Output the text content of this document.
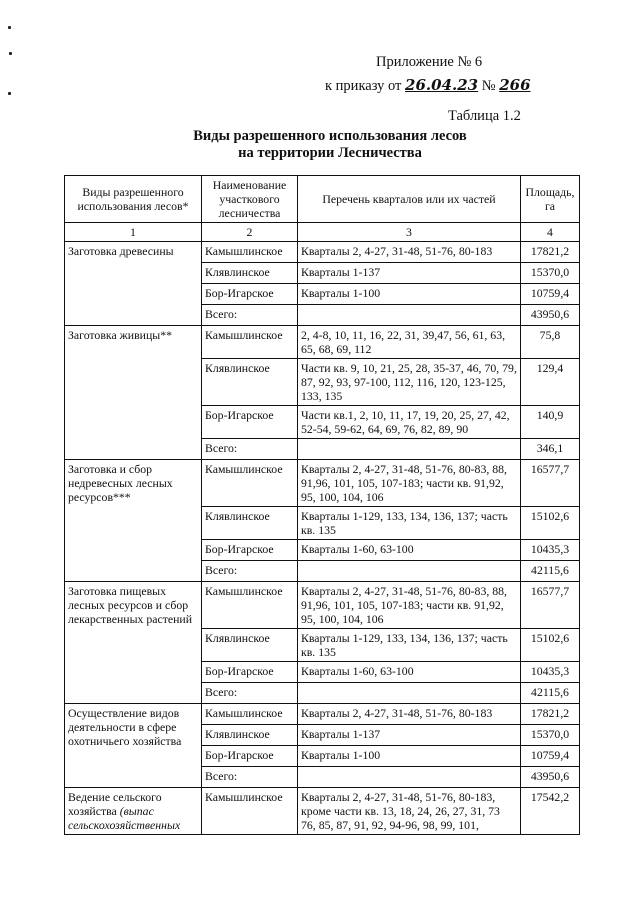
Приложение № 6
к приказу от 26.04.23 № 266
Таблица 1.2
Виды разрешенного использования лесов
на территории Лесничества
Виды разрешенного использования лесов*	Наименование участкового лесничества	Перечень кварталов или их частей	Площадь, га
1	2	3	4
Заготовка древесины	Камышлинское	Кварталы 2, 4-27, 31-48, 51-76, 80-183	17821,2
	Клявлинское	Кварталы 1-137	15370,0
	Бор-Игарское	Кварталы 1-100	10759,4
	Всего:		43950,6
Заготовка живицы**	Камышлинское	2, 4-8, 10, 11, 16, 22, 31, 39,47, 56, 61, 63, 65, 68, 69, 112	75,8
	Клявлинское	Части кв. 9, 10, 21, 25, 28, 35-37, 46, 70, 79, 87, 92, 93, 97-100, 112, 116, 120, 123-125, 133, 135	129,4
	Бор-Игарское	Части кв.1, 2, 10, 11, 17, 19, 20, 25, 27, 42, 52-54, 59-62, 64, 69, 76, 82, 89, 90	140,9
	Всего:		346,1
Заготовка и сбор недревесных лесных ресурсов***	Камышлинское	Кварталы 2, 4-27, 31-48, 51-76, 80-83, 88, 91,96, 101, 105, 107-183; части кв. 91,92, 95, 100, 104, 106	16577,7
	Клявлинское	Кварталы 1-129, 133, 134, 136, 137; часть кв. 135	15102,6
	Бор-Игарское	Кварталы 1-60, 63-100	10435,3
	Всего:		42115,6
Заготовка пищевых лесных ресурсов и сбор лекарственных растений	Камышлинское	Кварталы 2, 4-27, 31-48, 51-76, 80-83, 88, 91,96, 101, 105, 107-183; части кв. 91,92, 95, 100, 104, 106	16577,7
	Клявлинское	Кварталы 1-129, 133, 134, 136, 137; часть кв. 135	15102,6
	Бор-Игарское	Кварталы 1-60, 63-100	10435,3
	Всего:		42115,6
Осуществление видов деятельности в сфере охотничьего хозяйства	Камышлинское	Кварталы 2, 4-27, 31-48, 51-76, 80-183	17821,2
	Клявлинское	Кварталы 1-137	15370,0
	Бор-Игарское	Кварталы 1-100	10759,4
	Всего:		43950,6
Ведение сельского хозяйства (выпас сельскохозяйственных	Камышлинское	Кварталы 2, 4-27, 31-48, 51-76, 80-183, кроме части кв. 13, 18, 24, 26, 27, 31, 73 76, 85, 87, 91, 92, 94-96, 98, 99, 101,	17542,2
